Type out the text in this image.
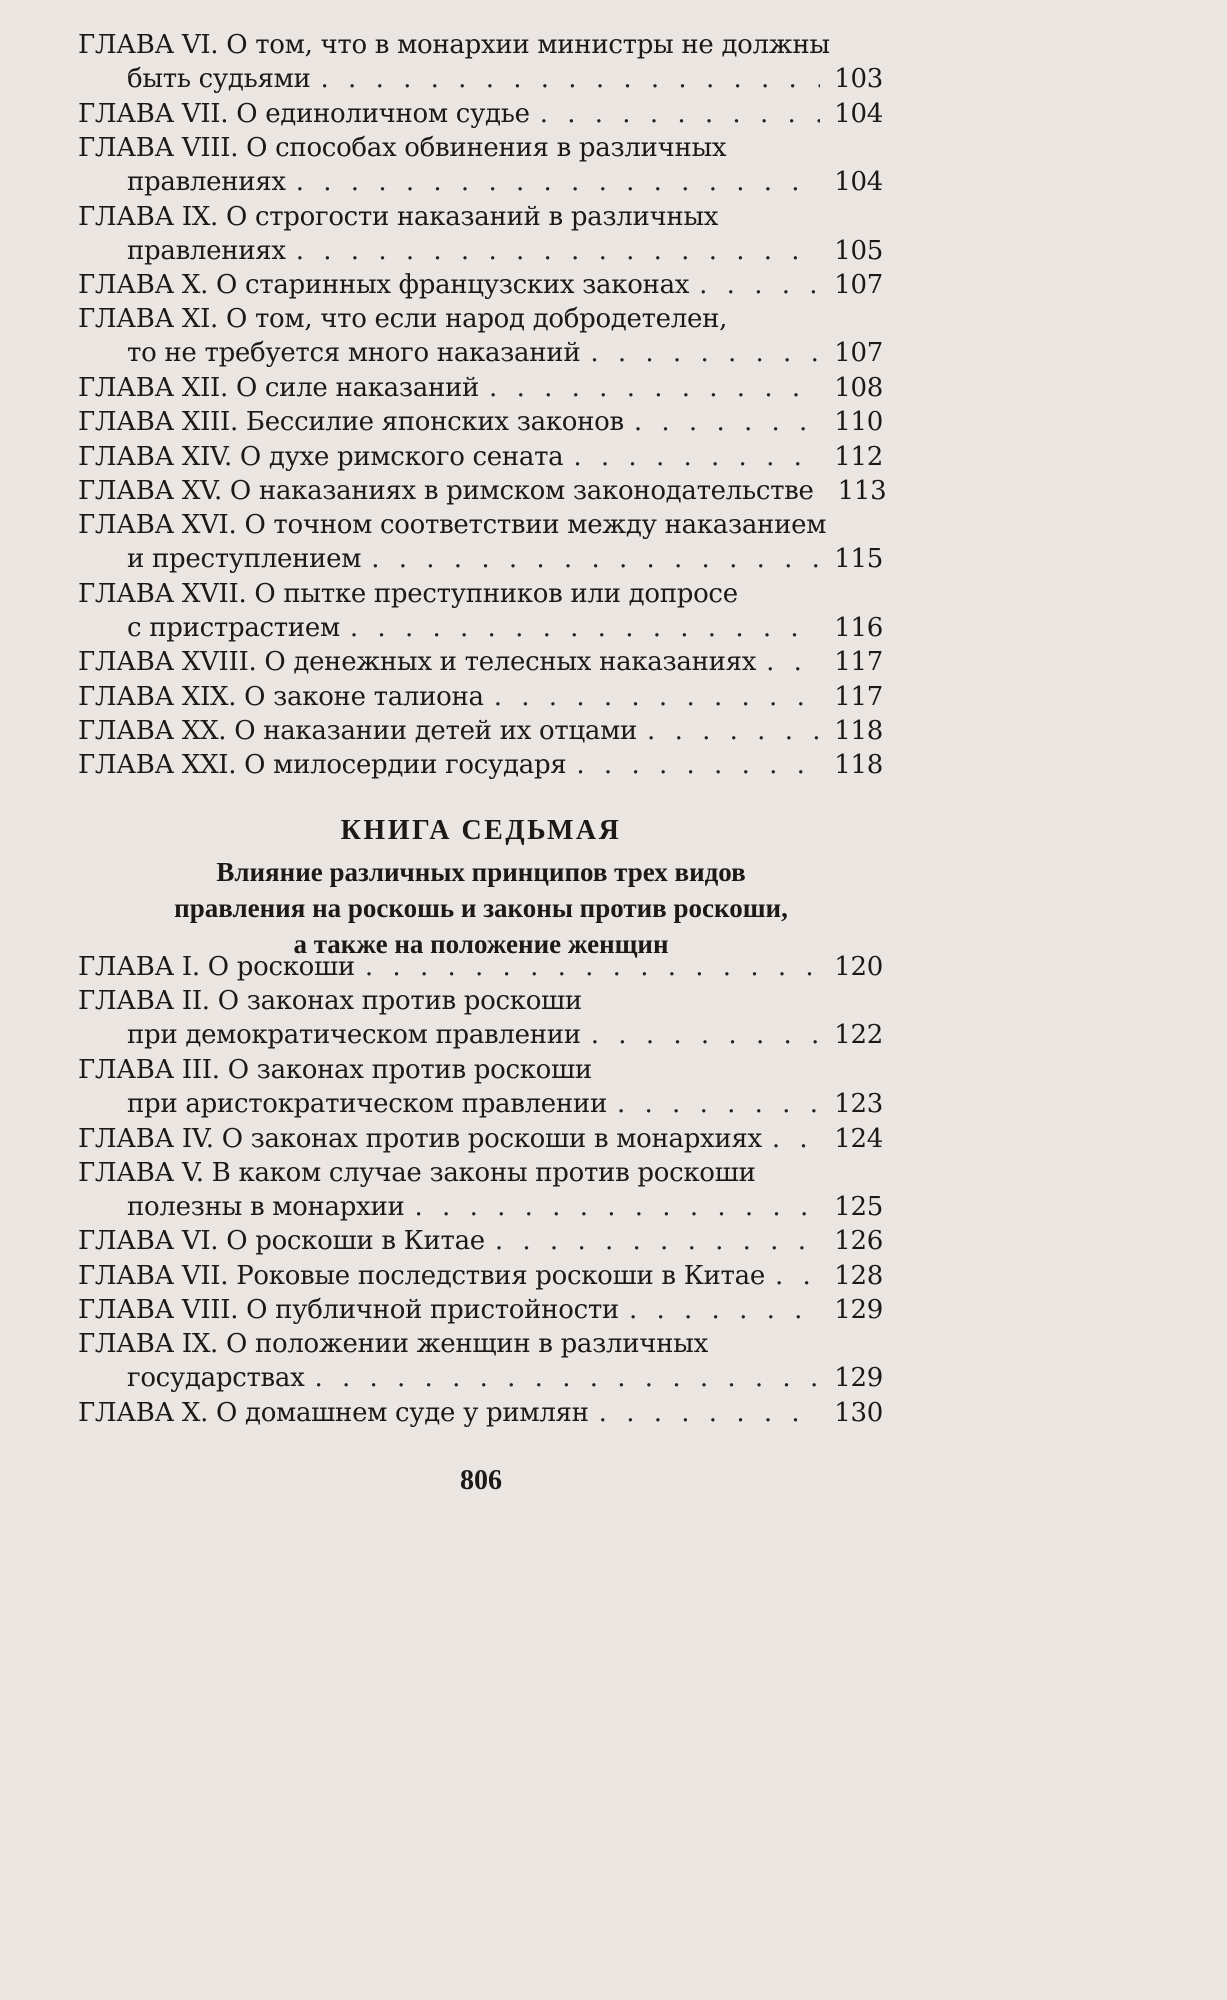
ГЛАВА VI. О том, что в монархии министры не должны
быть судьями . . .	103
ГЛАВА VII. О единоличном судье . . .	104
ГЛАВА VIII. О способах обвинения в различных
правлениях . . .	104
ГЛАВА IX. О строгости наказаний в различных
правлениях . . .	105
ГЛАВА X. О старинных французских законах . . .	107
ГЛАВА XI. О том, что если народ добродетелен,
то не требуется много наказаний . . .	107
ГЛАВА XII. О силе наказаний . . .	108
ГЛАВА XIII. Бессилие японских законов . . .	110
ГЛАВА XIV. О духе римского сената . . .	112
ГЛАВА XV. О наказаниях в римском законодательстве 113
ГЛАВА XVI. О точном соответствии между наказанием
и преступлением . . .	115
ГЛАВА XVII. О пытке преступников или допросе
с пристрастием . . .	116
ГЛАВА XVIII. О денежных и телесных наказаниях . . .	117
ГЛАВА XIX. О законе талиона . . .	117
ГЛАВА XX. О наказании детей их отцами . . .	118
ГЛАВА XXI. О милосердии государя . . .	118
КНИГА СЕДЬМАЯ
Влияние различных принципов трех видов
правления на роскошь и законы против роскоши,
а также на положение женщин
ГЛАВА I. О роскоши . . .	120
ГЛАВА II. О законах против роскоши
при демократическом правлении . . .	122
ГЛАВА III. О законах против роскоши
при аристократическом правлении . . .	123
ГЛАВА IV. О законах против роскоши в монархиях . . .	124
ГЛАВА V. В каком случае законы против роскоши
полезны в монархии . . .	125
ГЛАВА VI. О роскоши в Китае . . .	126
ГЛАВА VII. Роковые последствия роскоши в Китае . . .	128
ГЛАВА VIII. О публичной пристойности . . .	129
ГЛАВА IX. О положении женщин в различных
государствах . . .	129
ГЛАВА X. О домашнем суде у римлян . . .	130
806
